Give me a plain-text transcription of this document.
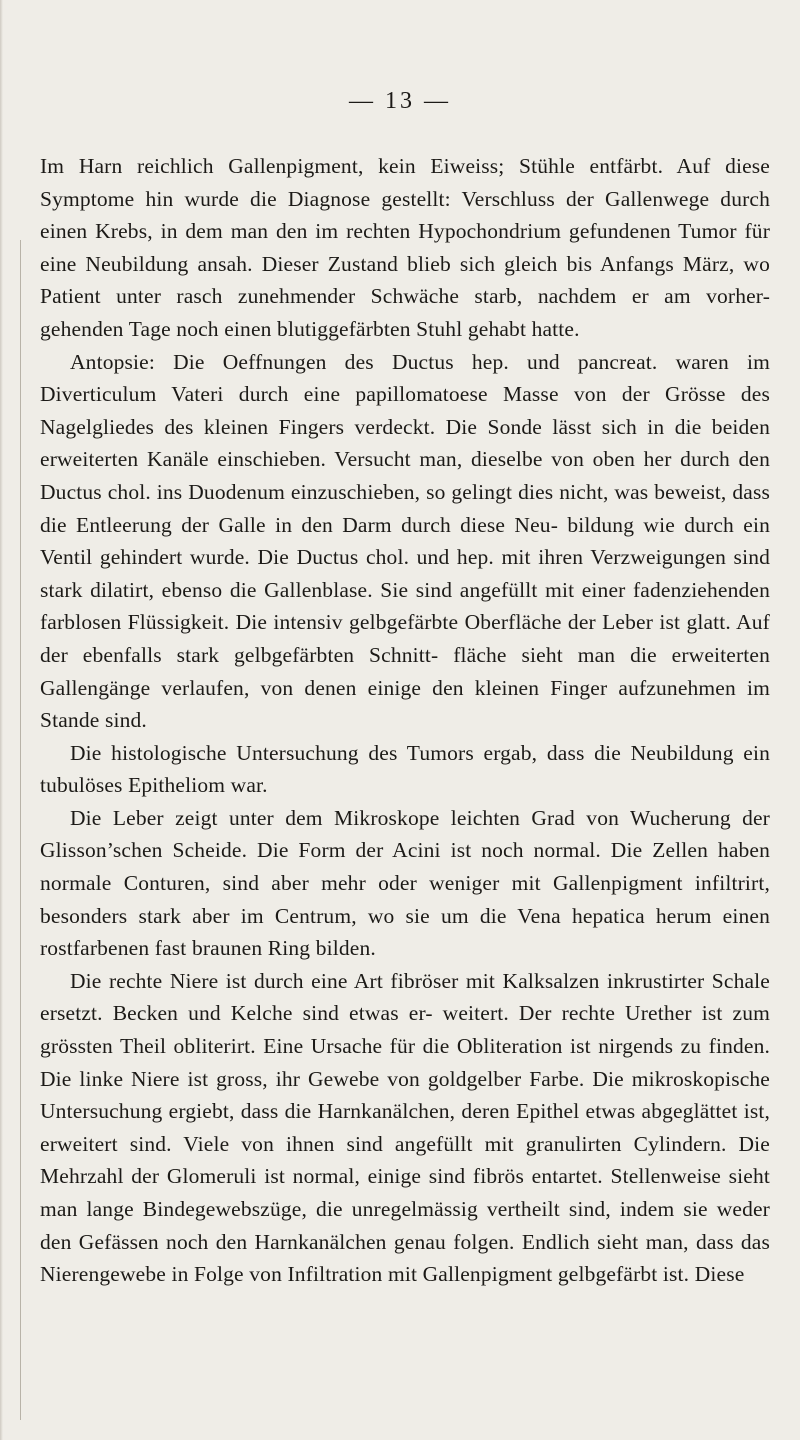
— 13 —

Im Harn reichlich Gallenpigment, kein Eiweiss; Stühle entfärbt. Auf diese Symptome hin wurde die Diagnose gestellt: Verschluss der Gallenwege durch einen Krebs, in dem man den im rechten Hypochondrium gefundenen Tumor für eine Neubildung ansah. Dieser Zustand blieb sich gleich bis Anfangs März, wo Patient unter rasch zunehmender Schwäche starb, nachdem er am vorher- gehenden Tage noch einen blutiggefärbten Stuhl gehabt hatte.

Antopsie: Die Oeffnungen des Ductus hep. und pancreat. waren im Diverticulum Vateri durch eine papillomatoese Masse von der Grösse des Nagelgliedes des kleinen Fingers verdeckt. Die Sonde lässt sich in die beiden erweiterten Kanäle einschieben. Versucht man, dieselbe von oben her durch den Ductus chol. ins Duodenum einzuschieben, so gelingt dies nicht, was beweist, dass die Entleerung der Galle in den Darm durch diese Neu- bildung wie durch ein Ventil gehindert wurde. Die Ductus chol. und hep. mit ihren Verzweigungen sind stark dilatirt, ebenso die Gallenblase. Sie sind angefüllt mit einer fadenziehenden farblosen Flüssigkeit. Die intensiv gelbgefärbte Oberfläche der Leber ist glatt. Auf der ebenfalls stark gelbgefärbten Schnitt- fläche sieht man die erweiterten Gallengänge verlaufen, von denen einige den kleinen Finger aufzunehmen im Stande sind.

Die histologische Untersuchung des Tumors ergab, dass die Neubildung ein tubulöses Epitheliom war.

Die Leber zeigt unter dem Mikroskope leichten Grad von Wucherung der Glisson’schen Scheide. Die Form der Acini ist noch normal. Die Zellen haben normale Conturen, sind aber mehr oder weniger mit Gallenpigment infiltrirt, besonders stark aber im Centrum, wo sie um die Vena hepatica herum einen rostfarbenen fast braunen Ring bilden.

Die rechte Niere ist durch eine Art fibröser mit Kalksalzen inkrustirter Schale ersetzt. Becken und Kelche sind etwas er- weitert. Der rechte Urether ist zum grössten Theil obliterirt. Eine Ursache für die Obliteration ist nirgends zu finden. Die linke Niere ist gross, ihr Gewebe von goldgelber Farbe. Die mikroskopische Untersuchung ergiebt, dass die Harnkanälchen, deren Epithel etwas abgeglättet ist, erweitert sind. Viele von ihnen sind angefüllt mit granulirten Cylindern. Die Mehrzahl der Glomeruli ist normal, einige sind fibrös entartet. Stellenweise sieht man lange Bindegewebszüge, die unregelmässig vertheilt sind, indem sie weder den Gefässen noch den Harnkanälchen genau folgen. Endlich sieht man, dass das Nierengewebe in Folge von Infiltration mit Gallenpigment gelbgefärbt ist. Diese
